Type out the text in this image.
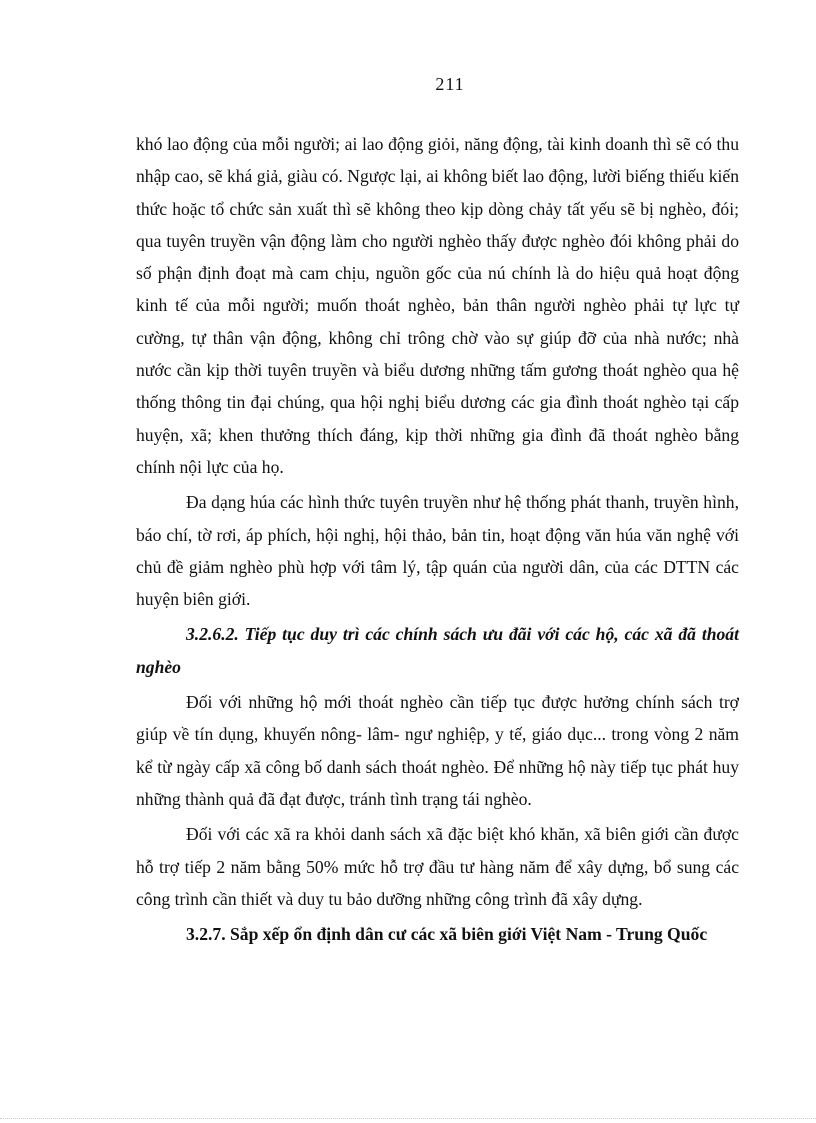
211

khó lao động của mỗi người; ai lao động giỏi, năng động, tài kinh doanh thì sẽ có thu nhập cao, sẽ khá giả, giàu có. Ngược lại, ai không biết lao động, lười biếng thiếu kiến thức hoặc tổ chức sản xuất thì sẽ không theo kịp dòng chảy tất yếu sẽ bị nghèo, đói; qua tuyên truyền vận động làm cho người nghèo thấy được nghèo đói không phải do số phận định đoạt mà cam chịu, nguồn gốc của nú chính là do hiệu quả hoạt động kinh tế của mỗi người; muốn thoát nghèo, bản thân người nghèo phải tự lực tự cường, tự thân vận động, không chỉ trông chờ vào sự giúp đỡ của nhà nước; nhà nước cần kịp thời tuyên truyền và biểu dương những tấm gương thoát nghèo qua hệ thống thông tin đại chúng, qua hội nghị biểu dương các gia đình thoát nghèo tại cấp huyện, xã; khen thưởng thích đáng, kịp thời những gia đình đã thoát nghèo bằng chính nội lực của họ.

Đa dạng húa các hình thức tuyên truyền như hệ thống phát thanh, truyền hình, báo chí, tờ rơi, áp phích, hội nghị, hội thảo, bản tin, hoạt động văn húa văn nghệ với chủ đề giảm nghèo phù hợp với tâm lý, tập quán của người dân, của các DTTN các huyện biên giới.

3.2.6.2. Tiếp tục duy trì các chính sách ưu đãi với các hộ, các xã đã thoát nghèo

Đối với những hộ mới thoát nghèo cần tiếp tục được hưởng chính sách trợ giúp về tín dụng, khuyến nông- lâm- ngư nghiệp, y tế, giáo dục... trong vòng 2 năm kể từ ngày cấp xã công bố danh sách thoát nghèo. Để những hộ này tiếp tục phát huy những thành quả đã đạt được, tránh tình trạng tái nghèo.

Đối với các xã ra khỏi danh sách xã đặc biệt khó khăn, xã biên giới cần được hỗ trợ tiếp 2 năm bằng 50% mức hỗ trợ đầu tư hàng năm để xây dựng, bổ sung các công trình cần thiết và duy tu bảo dưỡng những công trình đã xây dựng.

3.2.7. Sắp xếp ổn định dân cư các xã biên giới Việt Nam - Trung Quốc
